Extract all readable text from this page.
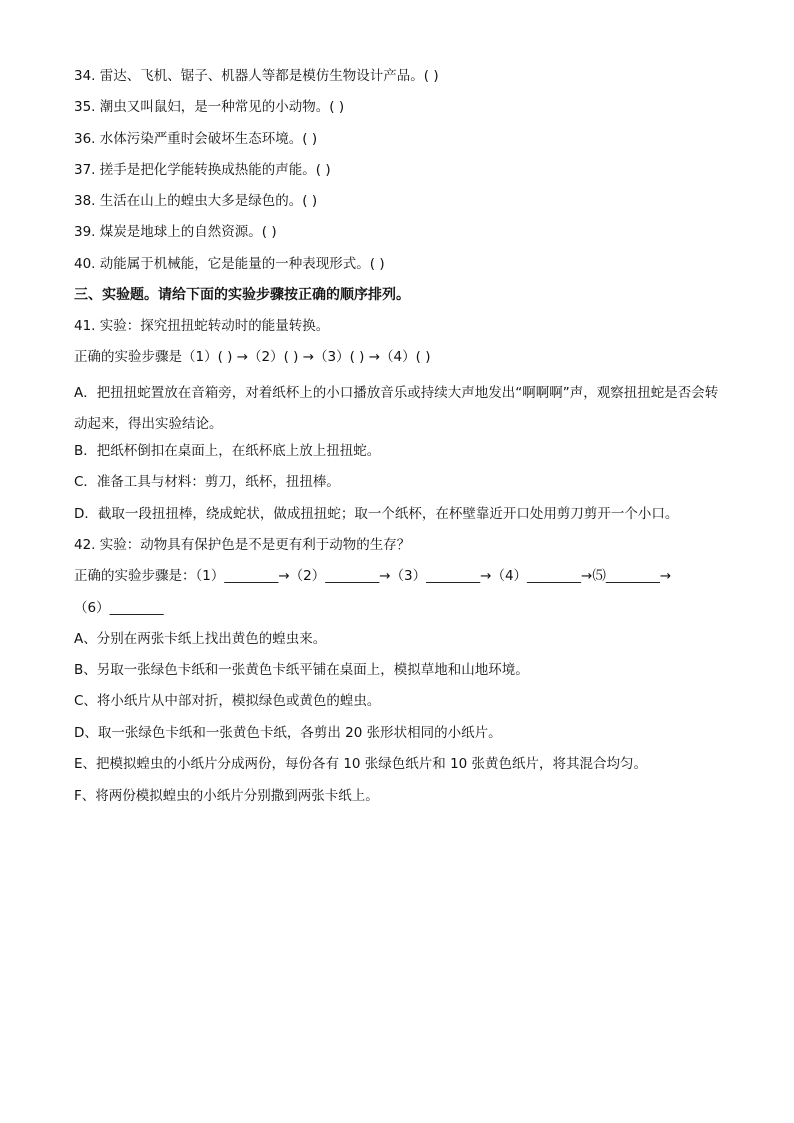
34. 雷达、飞机、锯子、机器人等都是模仿生物设计产品。( )
35. 潮虫又叫鼠妇，是一种常见的小动物。( )
36. 水体污染严重时会破坏生态环境。( )
37. 搓手是把化学能转换成热能的声能。( )
38. 生活在山上的蝗虫大多是绿色的。( )
39. 煤炭是地球上的自然资源。( )
40. 动能属于机械能，它是能量的一种表现形式。( )
三、实验题。请给下面的实验步骤按正确的顺序排列。
41. 实验：探究扭扭蛇转动时的能量转换。
正确的实验步骤是（1）( ) →（2）( ) →（3）( ) →（4）( )
A．把扭扭蛇置放在音箱旁，对着纸杯上的小口播放音乐或持续大声地发出“啊啊啊”声，观察扭扭蛇是否会转动起来，得出实验结论。
B．把纸杯倒扣在桌面上，在纸杯底上放上扭扭蛇。
C．准备工具与材料：剪刀，纸杯，扭扭棒。
D．截取一段扭扭棒，绕成蛇状，做成扭扭蛇；取一个纸杯，在杯壁靠近开口处用剪刀剪开一个小口。
42. 实验：动物具有保护色是不是更有利于动物的生存？
正确的实验步骤是：（1）________→（2）________→（3）________→（4）________→⑸________→
（6）________
A、分别在两张卡纸上找出黄色的蝗虫来。
B、另取一张绿色卡纸和一张黄色卡纸平铺在桌面上，模拟草地和山地环境。
C、将小纸片从中部对折，模拟绿色或黄色的蝗虫。
D、取一张绿色卡纸和一张黄色卡纸，各剪出 20 张形状相同的小纸片。
E、把模拟蝗虫的小纸片分成两份，每份各有 10 张绿色纸片和 10 张黄色纸片，将其混合均匀。
F、将两份模拟蝗虫的小纸片分别撒到两张卡纸上。
